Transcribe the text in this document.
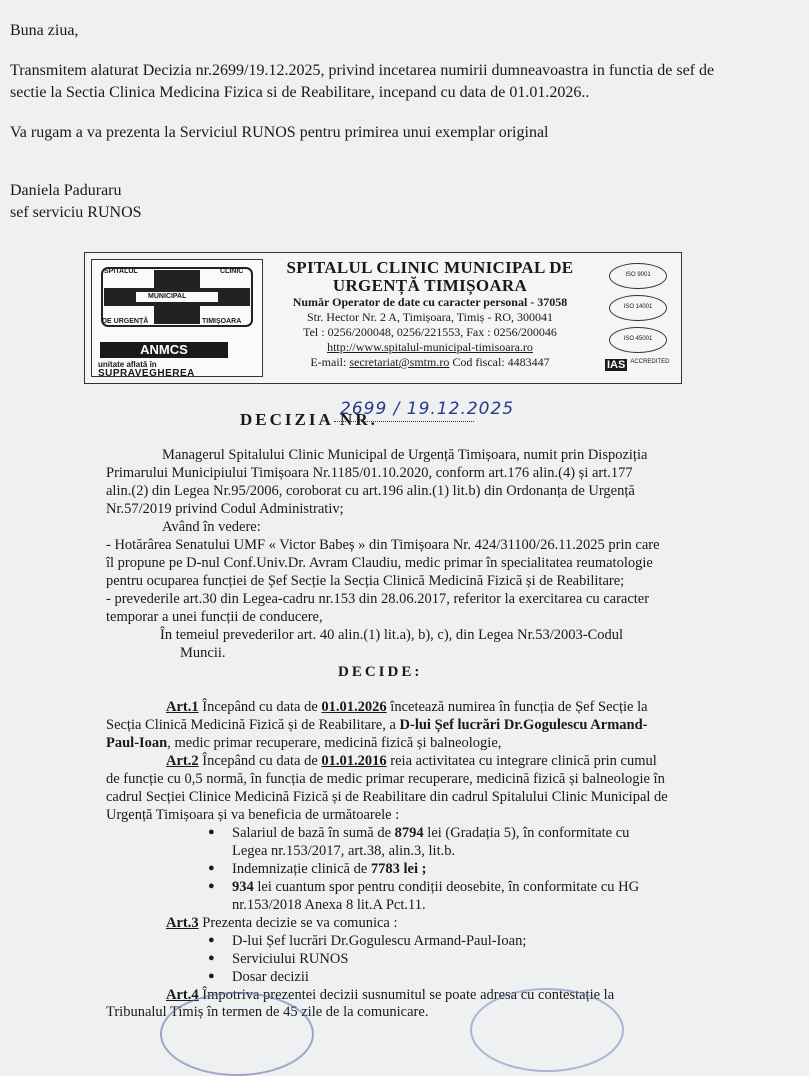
Buna ziua,

Transmitem alaturat Decizia nr.2699/19.12.2025, privind incetarea numirii dumneavoastra in functia de sef de

sectie la Sectia Clinica Medicina Fizica si de Reabilitare, incepand cu data de 01.01.2026..

Va rugam a va prezenta la Serviciul RUNOS pentru primirea unui exemplar original

Daniela Paduraru

sef serviciu RUNOS

SPITALUL	CLINIC
MUNICIPAL
DE URGENȚĂ	TIMIȘOARA
ANMCS
unitate aflată în
SUPRAVEGHEREA
SPITALUL CLINIC MUNICIPAL DE
URGENȚĂ TIMIȘOARA
Număr Operator de date cu caracter personal - 37058
Str. Hector Nr. 2 A, Timișoara, Timiș - RO, 300041
Tel : 0256/200048, 0256/221553, Fax : 0256/200046
http://www.spitalul-municipal-timisoara.ro
E-mail: secretariat@smtm.ro Cod fiscal: 4483447
ISO 9001
ISO 14001
ISO 45001
IAS $^{ACCREDITED}$
DECIZIA NR.
2699 / 19.12.2025

Managerul Spitalului Clinic Municipal de Urgență Timișoara, numit prin Dispoziția

Primarului Municipiului Timișoara Nr.1185/01.10.2020, conform art.176 alin.(4) și art.177

alin.(2) din Legea Nr.95/2006, coroborat cu art.196 alin.(1) lit.b) din Ordonanța de Urgență

Nr.57/2019 privind Codul Administrativ;

Având în vedere:

- Hotărârea Senatului UMF « Victor Babeș » din Timișoara Nr. 424/31100/26.11.2025 prin care

îl propune pe D-nul Conf.Univ.Dr. Avram Claudiu, medic primar în specialitatea reumatologie

pentru ocuparea funcției de Șef Secție la Secția Clinică Medicină Fizică și de Reabilitare;

- prevederile art.30 din Legea-cadru nr.153 din 28.06.2017, referitor la exercitarea cu caracter

temporar a unei funcții de conducere,

În temeiul prevederilor art. 40 alin.(1) lit.a), b), c), din Legea Nr.53/2003-Codul

Muncii.

DECIDE:

Art.1 Începând cu data de 01.01.2026 încetează numirea în funcția de Șef Secție la

Secția Clinică Medicină Fizică și de Reabilitare, a D-lui Șef lucrări Dr.Gogulescu Armand-

Paul-Ioan, medic primar recuperare, medicină fizică și balneologie,

Art.2 Începând cu data de 01.01.2016 reia activitatea cu integrare clinică prin cumul

de funcție cu 0,5 normă, în funcția de medic primar recuperare, medicină fizică și balneologie în

cadrul Secției Clinice Medicină Fizică și de Reabilitare din cadrul Spitalului Clinic Municipal de

Urgență Timișoara și va beneficia de următoarele :

● Salariul de bază în sumă de 8794 lei (Gradația 5), în conformitate cu

Legea nr.153/2017, art.38, alin.3, lit.b.

● Indemnizație clinică de 7783 lei ;

● 934 lei cuantum spor pentru condiții deosebite, în conformitate cu HG

nr.153/2018 Anexa 8 lit.A Pct.11.

Art.3 Prezenta decizie se va comunica :

● D-lui Șef lucrări Dr.Gogulescu Armand-Paul-Ioan;

● Serviciului RUNOS

● Dosar decizii

Art.4 Împotriva prezentei decizii susnumitul se poate adresa cu contestație la

Tribunalul Timiș în termen de 45 zile de la comunicare.
